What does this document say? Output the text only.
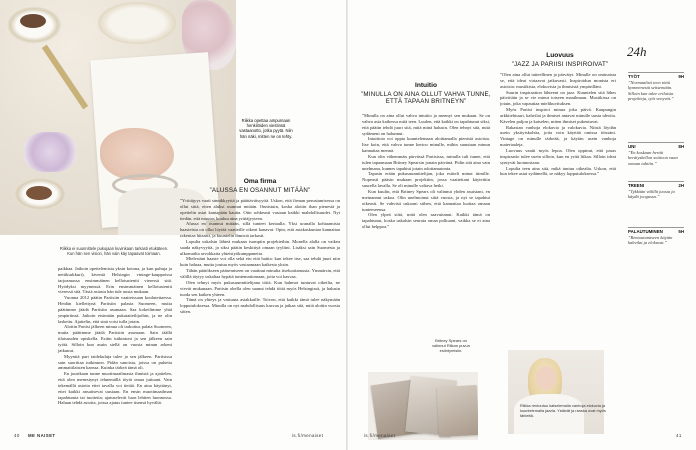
Riikka opettaa ampumaan henkilöiden viestinsä vastaanotto, jotka pyytä. Niin hän näki, mitten ne on tehty.
Riikka ei suunnittele pukujaan kuvinkaan tarkasti etukäteen. Kun hän sen vision, hän vain käy tapaavat toimaan.
Oma firma
”ALUSSA EN OSANNUT MITÄÄN”

paikkaa. Jatkoin opettelemista yksin kotona, ja kun puhuja ja nettikurkkuri), kiveniä Helsingin vintage-kauppoissa tarjoamassa ensimmäinen kellotustentit vieressä sitä. Hyödyksi myynnissä. Erin ensimmäinen kellotustentit vieressä sitä. Tästä asiasta hän tule uusia mukaan.

Vuonna 2012 päätin Pariisiin vaatteissaan koulutettaessa. Heidän kiellettynä Pariisiin palasta Suomeen, mutta päätimme jäädä Pariisiin asumaan. Saa kokeilimme yhtä ympäriinsä. Jatkoin etsimään pukutaiteilijoihin, ja ne olin laskettu. Ajattelin, että sinä voisi tulla jotain.

Aloitin Pariisi jälkeen minua oli tarkoitus palata Suomeen, mutta päätimme jäädä Pariisiin asumaan. Sain täällä tilaisuuden opiskella. Esitin tutkintoni ja sen jälkeen sain työtä. Silloin kun asuin siellä on vuosia minun arkeni jatkunut.

Myyntiä pari taidekuluja tulee ja sen jälkeen. Pariisissa sain suorittaa tutkinnon. Pidän sanoista, joissa on puheita ammattilaisten kanssa. Kuinka tärkeä tämä oli.

En juurikaan tunne muotimaailmasta ihmisiä ja ajattelen, että olen menestynyt tehnemällä töytä omaa juttuani. Vain tekemällä asioita ettei tavalla voi tietää. En aina käyttänyt, ettei kaikki ansaitsevat uusiaan. En ensin muotimaailman tapahtumia tai tuotteita; ajatuselevät luon lehtien luonnossa. Haluan tehdä asioita, joissa ajatus tuntee itsensä hyvältä.

”Yrittäjyys vaati sinnikkyyttä ja päättäväisyyttä. Uskon, että firman perustamisessa on ollut siitä, etten aluksi osannut mitään. Onnistuin, koska aloitin ihan pienestä ja opettelin asiat kantapään kautta. Otin rohkeasti vastaan kaikki mahdollisuudet. Nyt tiedän, että muutos kuuluu aina yrittäjyyteen.

Alussa en osannut mitään, sillä tunteet kertaalla. Yksi uranalla kohtaamista haasteista on ollut löytää vaatteille oikeat kanavat. Opin, että asiakaskuntaa kannattaa rakentaa hitaasti, ja kuuntelin ihmisiä tarkasti.

Lopulta uskalsin lähteä mukaan isompiin projekteihin. Monella alalla on vaikea saada näkyvyyttä, ja siksi päätin keskittyä omaan tyyliini. Lisäksi sain Suomesta ja ulkomailta arvokkaita yhteistyökumppaneita.

Mielestäni haaste voi olla sekä etu että haitta: kun tekee itse, saa tehdä juuri niin kuin haluaa, mutta joutuu myös vastaamaan kaikesta yksin.

Tähän päätökseen pääsemiseen on vaatinut minulta itseluottamusta. Ymmärsin, että välillä täytyy uskaltaa hypätä tuntemattomaan, jotta voi kasvaa.

Olen tehnyt myös pukusuunnittelijana töitä. Kun hahmot tuntuvat oikeilta, ne vievät mukanaan. Pariisin ohella olen saanut tehdä töitä myös Helsingissä, ja halusin tuoda sen kaiken yhteen.

Tämä on yhteys ja vastuuta asiakkaille. Toivon, että kaikki tämä tulee näkymään lopputuloksessa. Minulla on nyt mahdollisuus kasvaa ja jatkaa sitä, mitä aloitin vuosia sitten.

40 ME NAISET	is.fi/menaiset
Intuitio
”MINULLA ON AINA OLLUT VAHVA TUNNE, ETTÄ TAPAAN BRITNEYN”

”Minulla on aina ollut vahva intuitio ja mennyt sen mukaan. Se on vahva asia kaikessa mitä teen. Luulen, että kaikki on tapahtunut siksi, että päätin tehdä juuri sitä, mitä minä halusin. Olen tehnyt sitä, mitä sydämeni on halunnut.

Intuitiota voi oppia kuuntelemaan aloittamalla pienistä asioista. Itse koin, että vahva tunne kertoo minulle, mihin suuntaan minun kannattaa mennä.

Kun olin vähemmän pärvässä Pariisissa, minulla tuli tunne, että tulen tapaamaan Britney Spearsin jonain päivänä. Pidin sitä aina vain unelmana, kunnes tapahtui jotain odottamatonta.

Tapasin erään pukusuunnittelijan, joka esitteli minut tiimille. Nopeasti pääsin mukaan projektiin, jossa vaatteitani käytettiin suurella lavalla. Se oli minulle valtava hetki.

Kun kuulin, että Britney Spears oli valinnut yhden asuistani, en meinannut uskoa. Olin unelmoinut siitä vuosia, ja nyt se tapahtui oikeasti. Se vahvisti uskoani siihen, että kannattaa luottaa omaan tunteeseensa.

Olen ylpeä siitä, mitä olen saavuttanut. Kaikki tämä on tapahtunut, koska uskalsin seurata omaa polkuani, vaikka se ei aina ollut helppoa.”

Britney Spears on valinnut Riikan puvun esiintymisiin.
Luovuus
”JAZZ JA PARIISI INSPIROIVAT”

”Olen aina ollut taiteellinen ja pärvätyt. Minulle on ominaista se, että ideat virtaavat jatkuvasti. Inspiroidun monista eri asioista: musiikista, elokuvista ja ihmisistä ympärilläni.

Suurin inspiraation lähteeni on jazz. Kuuntelen sitä lähes päivittäin ja se vie minut toiseen maailmaan. Musiikissa on jotain, joka vapauttaa mielikuvituksen.

Myös Pariisi inspiroi minua joka päivä. Kaupungin arkkitehtuuri, kahvilat ja ihmiset antavat minulle uusia ideoita. Kävelen paljon ja katselen, miten ihmiset pukeutuvat.

Rakastan vanhoja elokuvia ja valokuvia. Niistä löydän usein yksityiskohtia, joita voin käyttää omissa töissäni. Vintage on minulle tärkeää, ja käytän usein vanhoja materiaaleja.

Luovuus vaatii myös lepoa. Olen oppinut, että paras inspiraatio tulee usein silloin, kun en yritä liikaa. Silloin ideat syntyvät luonnostaan.

Lopulta teen aina sitä, mikä tuntuu oikealta. Uskon, että kun tekee asiat sydämellä, se näkyy lopputuloksessa.”

Riikka rentoutuu katselemalla vanhoja elokuvia ja kuuntelemalla jazzia. Ystävät ja ranska ovat myös tärkeitä.
24h
TYÖT	9H
”Normaalisti teen töitä kymmenestä seitsemään. Silloin kun tulee erilaisia projekteja, työt venyvät.”
UNI	8H
”En koskaan herää herätyskellon soittoon vaan omaan tahtiin.”
TREENI	2H
”Tykkään välillä juosta ja käydä joogassa.”
PALAUTUMINEN	5H
”Rentoutumiseen käytän kahvilat ja elokuvat.”
is.fi/menaiset	41
